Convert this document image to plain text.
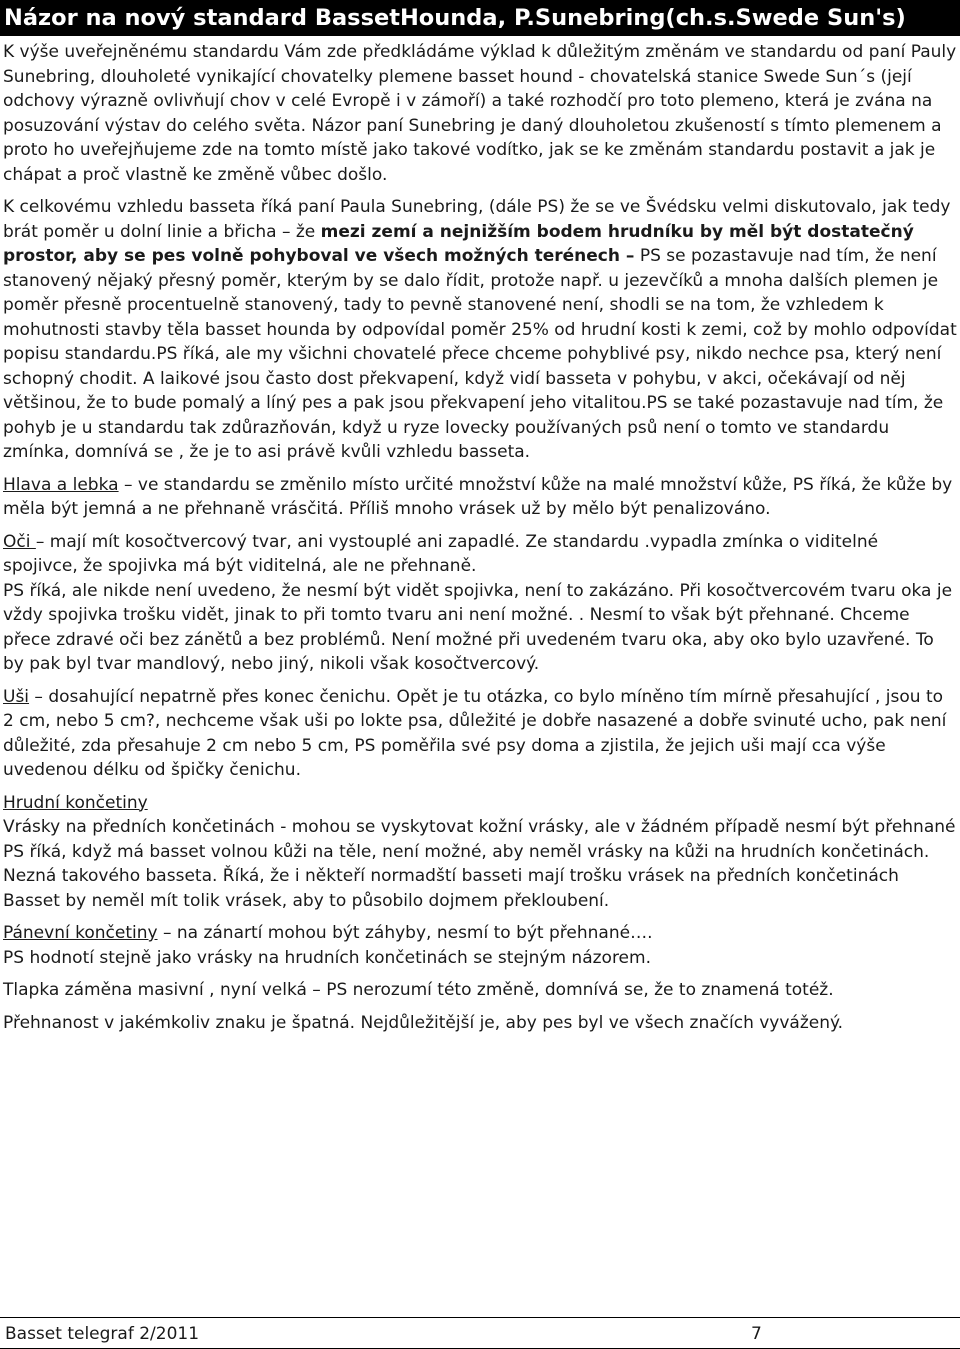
Názor na nový standard BassetHounda, P.Sunebring(ch.s.Swede Sun's)

K výše uveřejněnému standardu Vám zde předkládáme výklad k důležitým změnám ve standardu od paní Pauly Sunebring, dlouholeté vynikající chovatelky plemene basset hound - chovatelská stanice Swede Sun´s (její odchovy výrazně ovlivňují chov v celé Evropě i v zámoří) a také rozhodčí pro toto plemeno, která je zvána na posuzování výstav do celého světa. Názor paní Sunebring je daný dlouholetou zkušeností s tímto plemenem a proto ho uveřejňujeme zde na tomto místě jako takové vodítko, jak se ke změnám standardu postavit a jak je chápat a proč vlastně ke změně vůbec došlo.

K celkovému vzhledu basseta říká paní Paula Sunebring, (dále PS) že se ve Švédsku velmi diskutovalo, jak tedy brát poměr u dolní linie a břicha – že mezi zemí a nejnižším bodem hrudníku by měl být dostatečný prostor, aby se pes volně pohyboval ve všech možných terénech – PS se pozastavuje nad tím, že není stanovený nějaký přesný poměr, kterým by se dalo řídit, protože např. u jezevčíků a mnoha dalších plemen je poměr přesně procentuelně stanovený, tady to pevně stanovené není, shodli se na tom, že vzhledem k mohutnosti stavby těla basset hounda by odpovídal poměr 25% od hrudní kosti k zemi, což by mohlo odpovídat popisu standardu.PS říká, ale my všichni chovatelé přece chceme pohyblivé psy, nikdo nechce psa, který není schopný chodit. A laikové jsou často dost překvapení, když vidí basseta v pohybu, v akci, očekávají od něj většinou, že to bude pomalý a líný pes a pak jsou překvapení jeho vitalitou.PS se také pozastavuje nad tím, že pohyb je u standardu tak zdůrazňován, když u ryze lovecky používaných psů není o tomto ve standardu zmínka, domnívá se , že je to asi právě kvůli vzhledu basseta.

Hlava a lebka – ve standardu se změnilo místo určité množství kůže na malé množství kůže, PS říká, že kůže by měla být jemná a ne přehnaně vrásčitá. Příliš mnoho vrásek už by mělo být penalizováno.

Oči – mají mít kosočtvercový tvar, ani vystouplé ani zapadlé. Ze standardu .vypadla zmínka o viditelné spojivce, že spojivka má být viditelná, ale ne přehnaně.

PS říká, ale nikde není uvedeno, že nesmí být vidět spojivka, není to zakázáno. Při kosočtvercovém tvaru oka je vždy spojivka trošku vidět, jinak to při tomto tvaru ani není možné. . Nesmí to však být přehnané. Chceme přece zdravé oči bez zánětů a bez problémů. Není možné při uvedeném tvaru oka, aby oko bylo uzavřené. To by pak byl tvar mandlový, nebo jiný, nikoli však kosočtvercový.

Uši – dosahující nepatrně přes konec čenichu. Opět je tu otázka, co bylo míněno tím mírně přesahující , jsou to 2 cm, nebo 5 cm?, nechceme však uši po lokte psa, důležité je dobře nasazené a dobře svinuté ucho, pak není důležité, zda přesahuje 2 cm nebo 5 cm, PS poměřila své psy doma a zjistila, že jejich uši mají cca výše uvedenou délku od špičky čenichu.

Hrudní končetiny

Vrásky na předních končetinách - mohou se vyskytovat kožní vrásky, ale v žádném případě nesmí být přehnané

PS říká, když má basset volnou kůži na těle, není možné, aby neměl vrásky na kůži na hrudních končetinách. Nezná takového basseta. Říká, že i někteří normadští basseti mají trošku vrásek na předních končetinách Basset by neměl mít tolik vrásek, aby to působilo dojmem překloubení.

Pánevní končetiny – na zánartí mohou být záhyby, nesmí to být přehnané….

PS hodnotí stejně jako vrásky na hrudních končetinách se stejným názorem.

Tlapka záměna masivní , nyní velká – PS nerozumí této změně, domnívá se, že to znamená totéž.

Přehnanost v jakémkoliv znaku je špatná. Nejdůležitější je, aby pes byl ve všech značích vyvážený.

Basset telegraf 2/2011	7
